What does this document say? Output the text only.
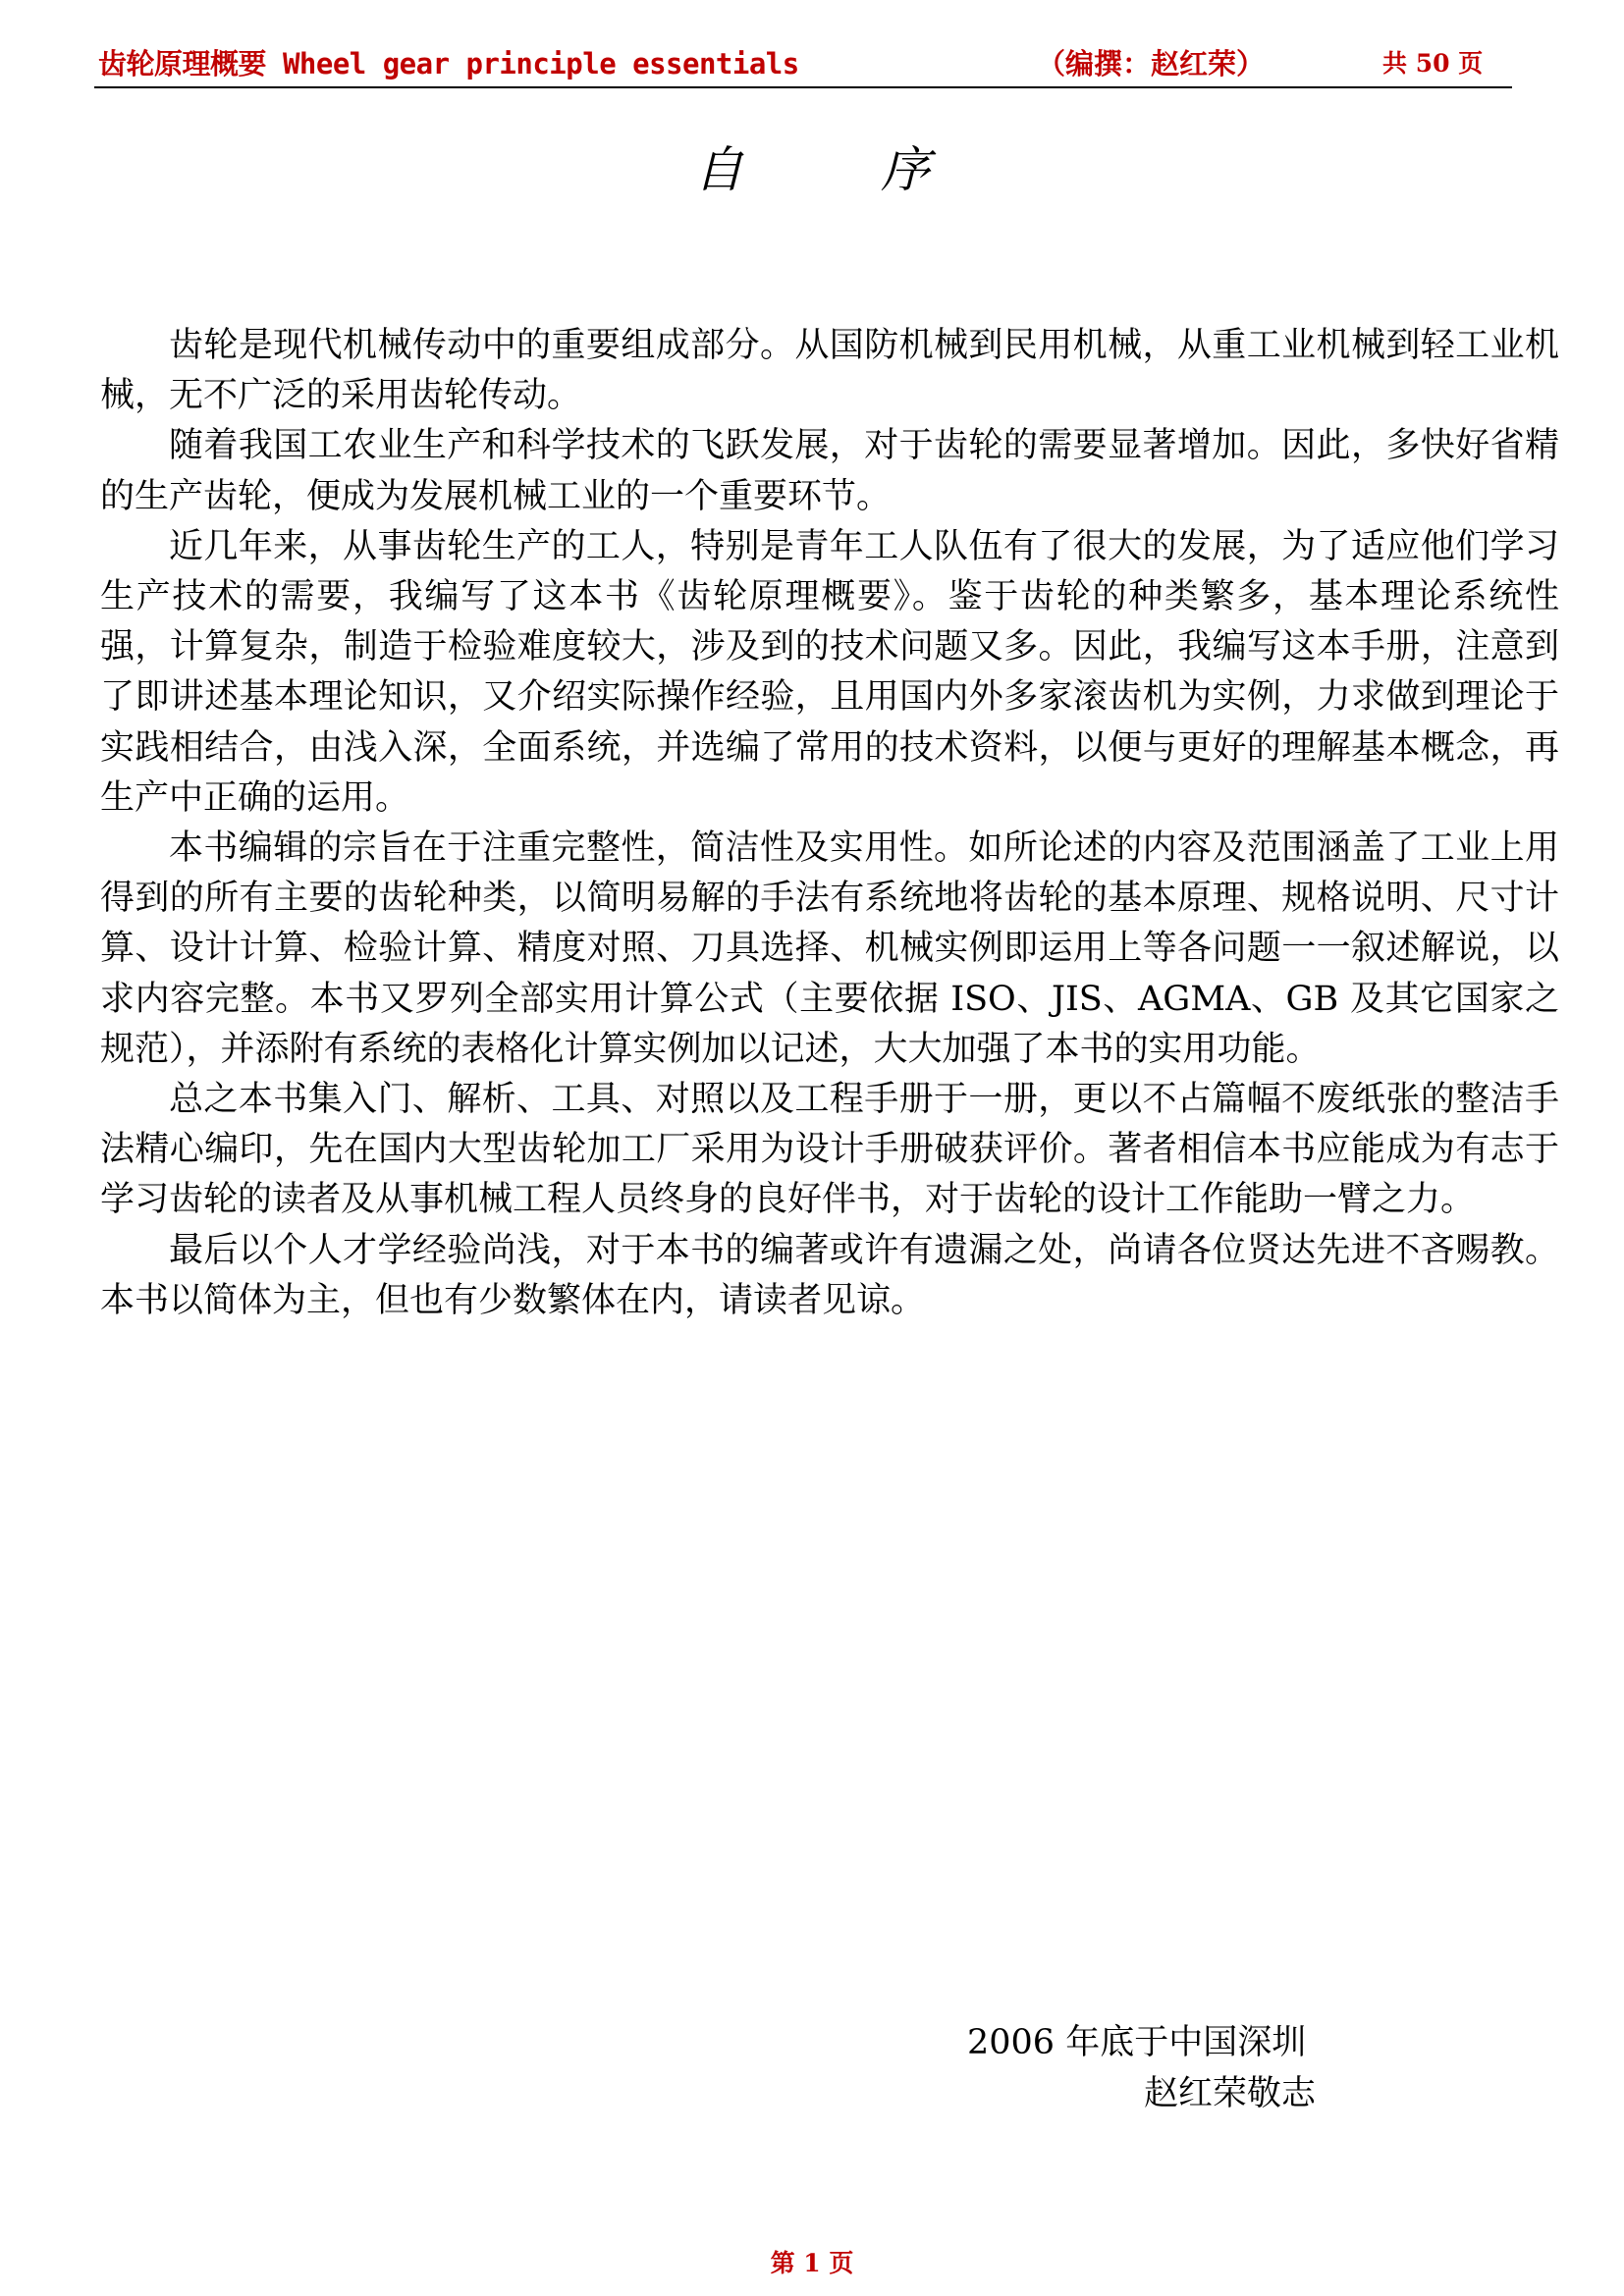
齿轮原理概要 Wheel gear principle essentials	（编撰：赵红荣）	共 50 页
自序

齿轮是现代机械传动中的重要组成部分。从国防机械到民用机械，从重工业机械到轻工业机械，无不广泛的采用齿轮传动。

随着我国工农业生产和科学技术的飞跃发展，对于齿轮的需要显著增加。因此，多快好省精的生产齿轮，便成为发展机械工业的一个重要环节。

近几年来，从事齿轮生产的工人，特别是青年工人队伍有了很大的发展，为了适应他们学习生产技术的需要，我编写了这本书《齿轮原理概要》。鉴于齿轮的种类繁多，基本理论系统性强，计算复杂，制造于检验难度较大，涉及到的技术问题又多。因此，我编写这本手册，注意到了即讲述基本理论知识，又介绍实际操作经验，且用国内外多家滚齿机为实例，力求做到理论于实践相结合，由浅入深，全面系统，并选编了常用的技术资料，以便与更好的理解基本概念，再生产中正确的运用。

本书编辑的宗旨在于注重完整性，简洁性及实用性。如所论述的内容及范围涵盖了工业上用得到的所有主要的齿轮种类，以简明易解的手法有系统地将齿轮的基本原理、规格说明、尺寸计算、设计计算、检验计算、精度对照、刀具选择、机械实例即运用上等各问题一一叙述解说，以求内容完整。本书又罗列全部实用计算公式（主要依据 ISO、JIS、AGMA、GB 及其它国家之规范），并添附有系统的表格化计算实例加以记述，大大加强了本书的实用功能。

总之本书集入门、解析、工具、对照以及工程手册于一册，更以不占篇幅不废纸张的整洁手法精心编印，先在国内大型齿轮加工厂采用为设计手册破获评价。著者相信本书应能成为有志于学习齿轮的读者及从事机械工程人员终身的良好伴书，对于齿轮的设计工作能助一臂之力。

最后以个人才学经验尚浅，对于本书的编著或许有遗漏之处，尚请各位贤达先进不吝赐教。本书以简体为主，但也有少数繁体在内，请读者见谅。

2006 年底于中国深圳
赵红荣敬志
第 1 页
